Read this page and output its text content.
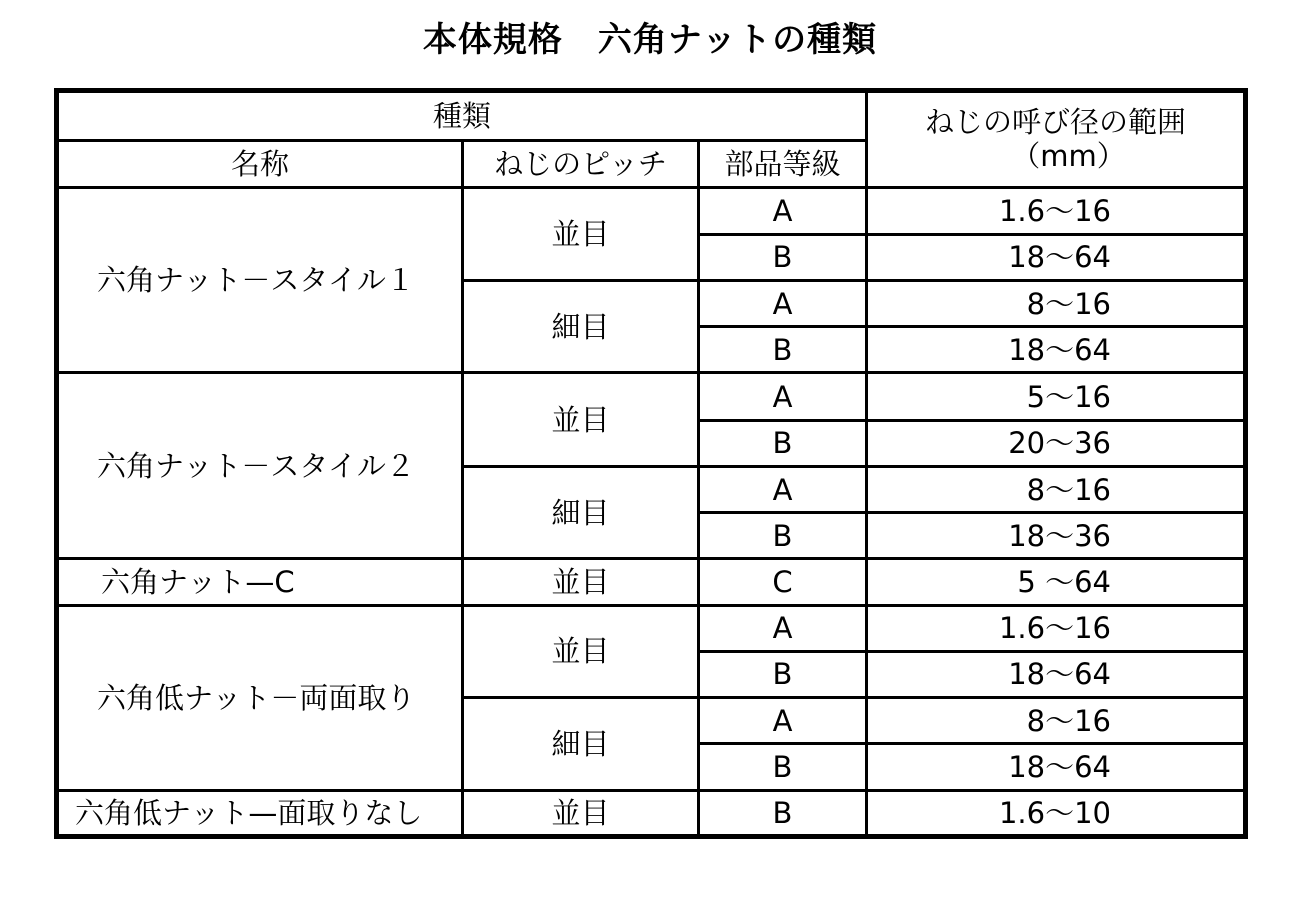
本体規格　六角ナットの種類
種類			ねじの呼び径の範囲
（mm）

名称	ねじのピッチ	部品等級	
六角ナット－スタイル１	並目	A	1.6～16
		B	18～64
	細目	A	8～16
		B	18～64
六角ナット－スタイル２	並目	A	5～16
		B	20～36
	細目	A	8～16
		B	18～36
六角ナット—C	並目	C	5 ～64
六角低ナット－両面取り	並目	A	1.6～16
		B	18～64
	細目	A	8～16
		B	18～64
六角低ナット—面取りなし	並目	B	1.6～10
